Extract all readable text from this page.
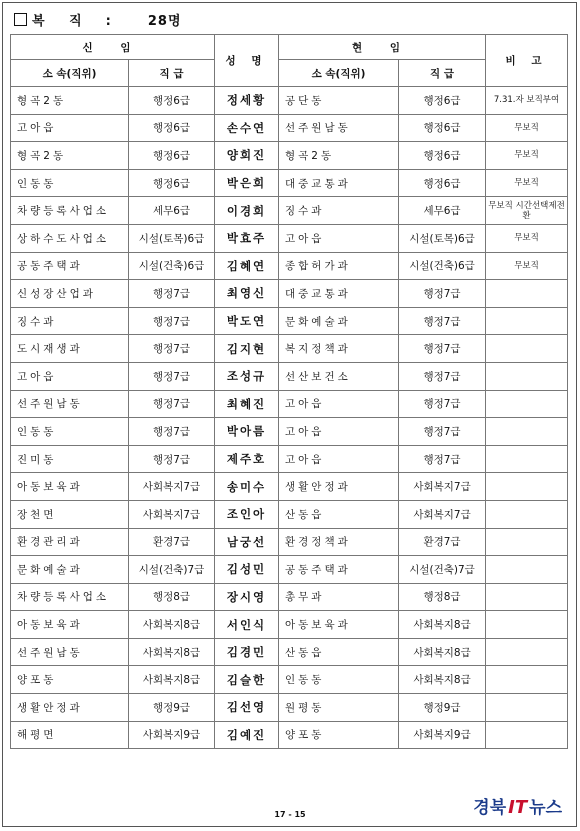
복 직 :	28명
신 임		성 명	현 임		비 고
소 속(직위)	직 급		소 속(직위)	직 급	
형곡2동	행정6급	정세황	공단동	행정6급	7.31.자 보직부여
고아읍	행정6급	손수연	선주원남동	행정6급	무보직
형곡2동	행정6급	양희진	형곡2동	행정6급	무보직
인동동	행정6급	박은희	대중교통과	행정6급	무보직
차량등록사업소	세무6급	이경희	징수과	세무6급	무보직 시간선택제전환
상하수도사업소	시설(토목)6급	박효주	고아읍	시설(토목)6급	무보직
공동주택과	시설(건축)6급	김혜연	종합허가과	시설(건축)6급	무보직
신성장산업과	행정7급	최영신	대중교통과	행정7급	
징수과	행정7급	박도연	문화예술과	행정7급	
도시재생과	행정7급	김지현	복지정책과	행정7급	
고아읍	행정7급	조성규	선산보건소	행정7급	
선주원남동	행정7급	최혜진	고아읍	행정7급	
인동동	행정7급	박아름	고아읍	행정7급	
진미동	행정7급	제주호	고아읍	행정7급	
아동보육과	사회복지7급	송미수	생활안정과	사회복지7급	
장천면	사회복지7급	조인아	산동읍	사회복지7급	
환경관리과	환경7급	남궁선	환경정책과	환경7급	
문화예술과	시설(건축)7급	김성민	공동주택과	시설(건축)7급	
차량등록사업소	행정8급	장시영	총무과	행정8급	
아동보육과	사회복지8급	서인식	아동보육과	사회복지8급	
선주원남동	사회복지8급	김경민	산동읍	사회복지8급	
양포동	사회복지8급	김슬한	인동동	사회복지8급	
생활안정과	행정9급	김선영	원평동	행정9급	
해평면	사회복지9급	김예진	양포동	사회복지9급	
17 - 15	경북 IT 뉴스
